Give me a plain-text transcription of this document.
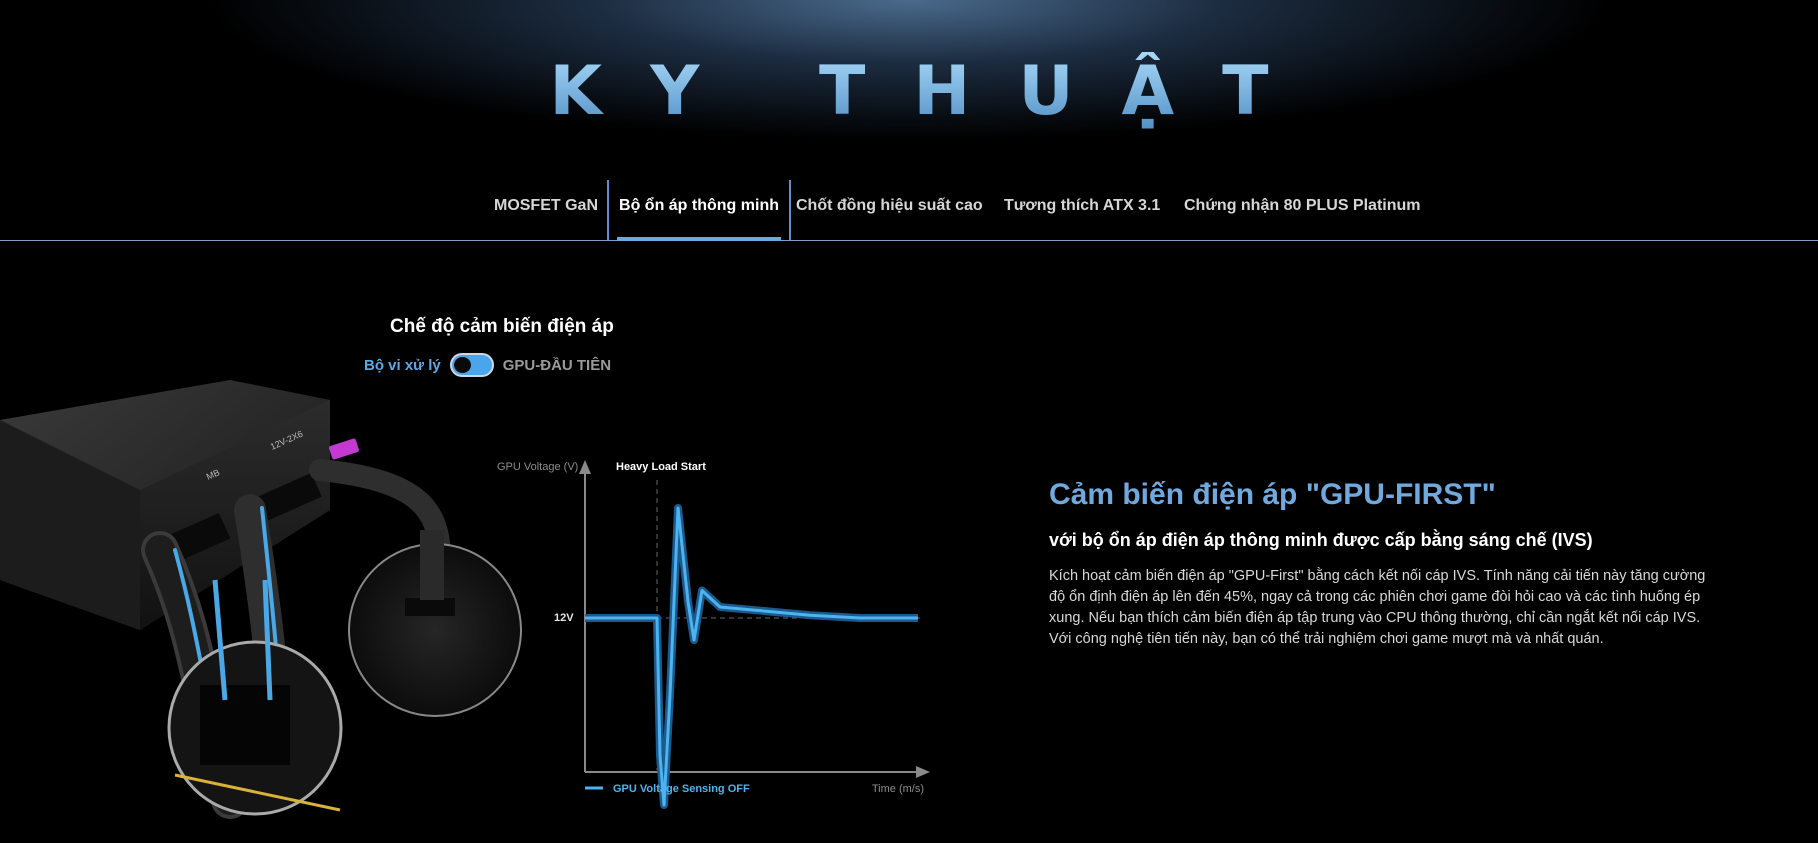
KY THUẬT
MOSFET GaN	Bộ ổn áp thông minh	Chốt đồng hiệu suất cao Tương thích ATX 3.1 Chứng nhận 80 PLUS Platinum
Chế độ cảm biến điện áp
Bộ vi xử lý	GPU-ĐẦU TIÊN
MB
12V-2X6
GPU Voltage (V)	Heavy Load Start
12V
GPU Voltage Sensing OFF	Time (m/s)
Cảm biến điện áp "GPU-FIRST"
với bộ ổn áp điện áp thông minh được cấp bằng sáng chế (IVS)
Kích hoạt cảm biến điện áp "GPU-First" bằng cách kết nối cáp IVS. Tính năng cải tiến này tăng cường độ ổn định điện áp lên đến 45%, ngay cả trong các phiên chơi game đòi hỏi cao và các tình huống ép xung. Nếu bạn thích cảm biến điện áp tập trung vào CPU thông thường, chỉ cần ngắt kết nối cáp IVS. Với công nghệ tiên tiến này, bạn có thể trải nghiệm chơi game mượt mà và nhất quán.
